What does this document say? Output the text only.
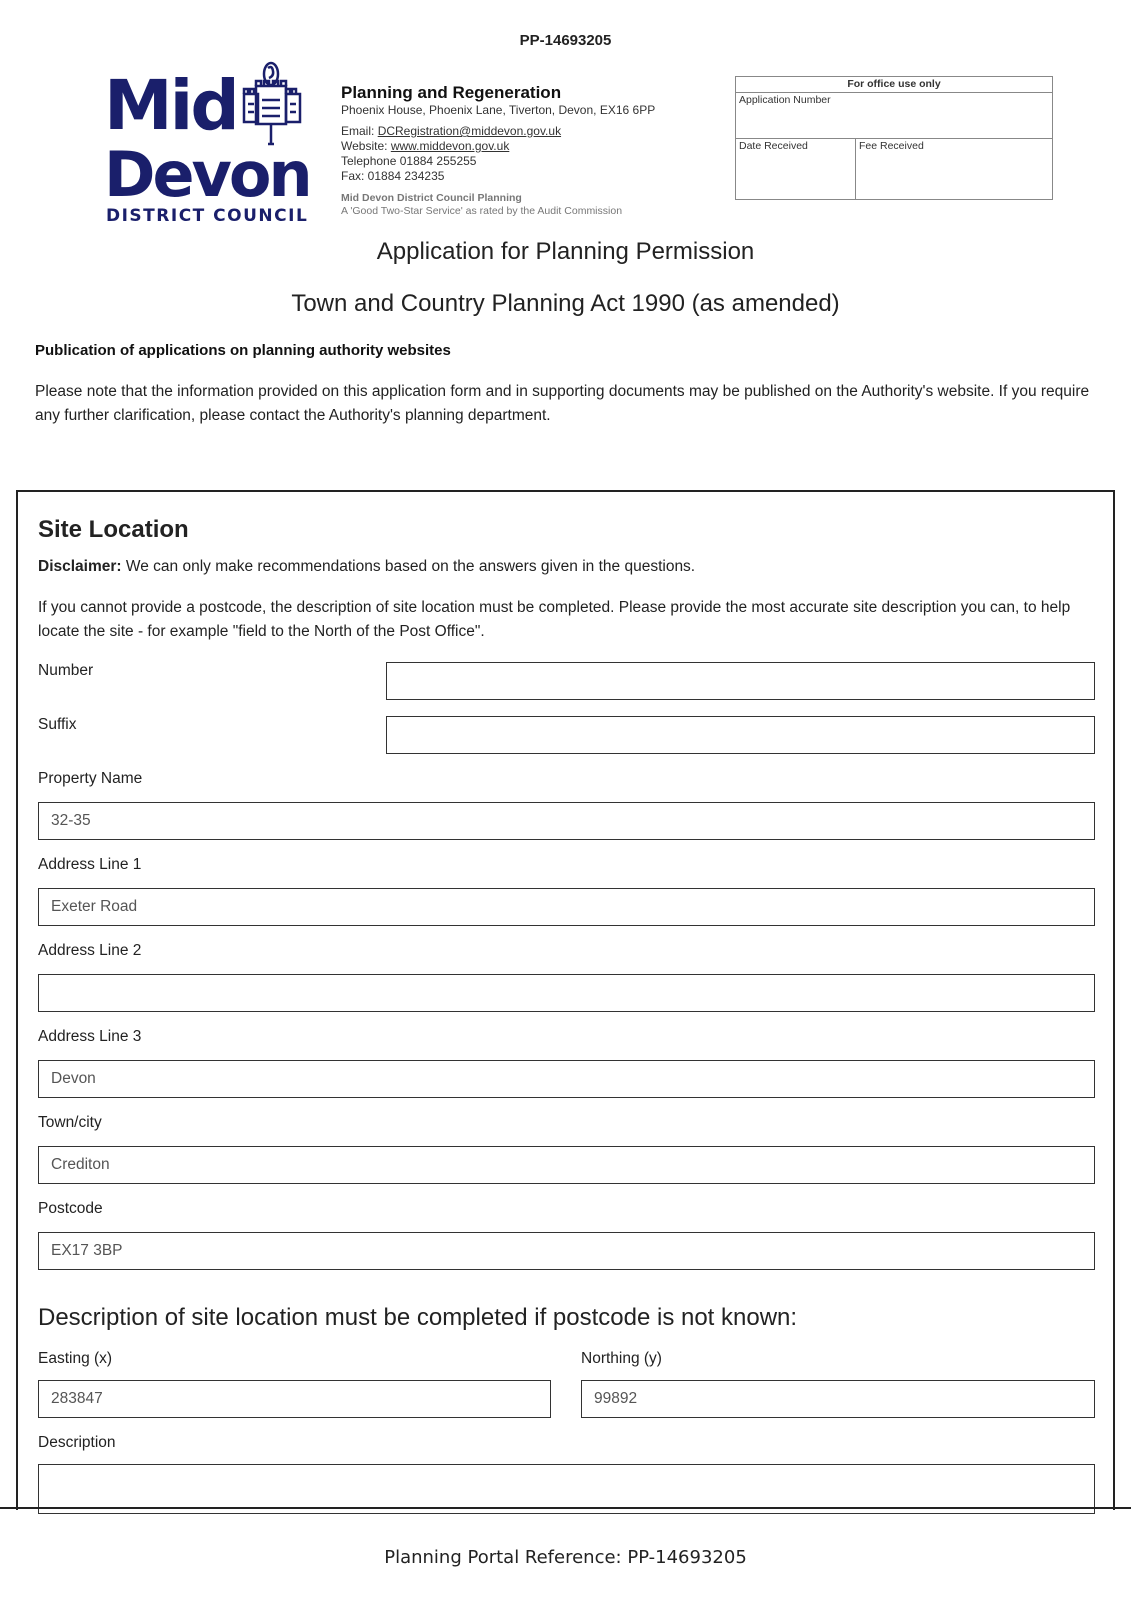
PP-14693205
Mid
Devon
DISTRICT COUNCIL
Planning and Regeneration
Phoenix House, Phoenix Lane, Tiverton, Devon, EX16 6PP
Email: DCRegistration@middevon.gov.uk
Website: www.middevon.gov.uk
Telephone 01884 255255
Fax: 01884 234235
Mid Devon District Council Planning
A 'Good Two-Star Service' as rated by the Audit Commission
For office use only
Application Number
Date Received	Fee Received
Application for Planning Permission
Town and Country Planning Act 1990 (as amended)
Publication of applications on planning authority websites
Please note that the information provided on this application form and in supporting documents may be published on the Authority's website. If you require any further clarification, please contact the Authority's planning department.
Site Location
Disclaimer: We can only make recommendations based on the answers given in the questions.
If you cannot provide a postcode, the description of site location must be completed. Please provide the most accurate site description you can, to help locate the site - for example "field to the North of the Post Office".
Number
Suffix
Property Name
32-35
Address Line 1
Exeter Road
Address Line 2
Address Line 3
Devon
Town/city
Crediton
Postcode
EX17 3BP
Description of site location must be completed if postcode is not known:
Easting (x)
283847	Northing (y)
99892
Description
Planning Portal Reference: PP-14693205
